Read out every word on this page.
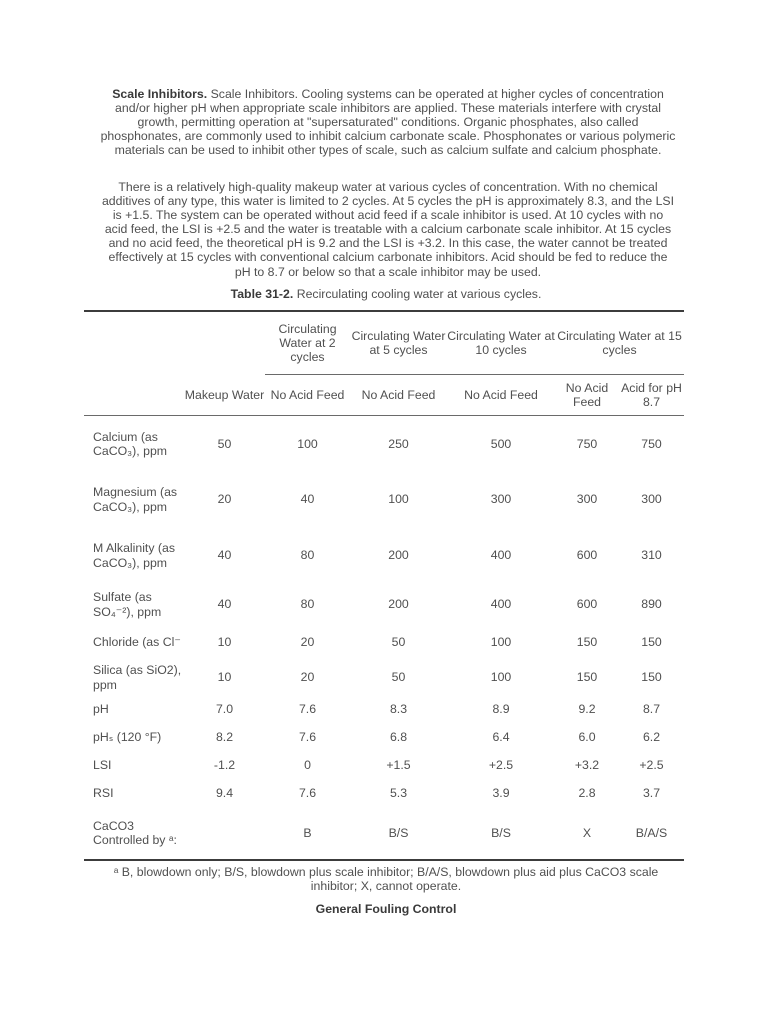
Scale Inhibitors. Scale Inhibitors. Cooling systems can be operated at higher cycles of concentration and/or higher pH when appropriate scale inhibitors are applied. These materials interfere with crystal growth, permitting operation at "supersaturated" conditions. Organic phosphates, also called phosphonates, are commonly used to inhibit calcium carbonate scale. Phosphonates or various polymeric materials can be used to inhibit other types of scale, such as calcium sulfate and calcium phosphate.

There is a relatively high-quality makeup water at various cycles of concentration. With no chemical additives of any type, this water is limited to 2 cycles. At 5 cycles the pH is approximately 8.3, and the LSI is +1.5. The system can be operated without acid feed if a scale inhibitor is used. At 10 cycles with no acid feed, the LSI is +2.5 and the water is treatable with a calcium carbonate scale inhibitor. At 15 cycles and no acid feed, the theoretical pH is 9.2 and the LSI is +3.2. In this case, the water cannot be treated effectively at 15 cycles with conventional calcium carbonate inhibitors. Acid should be fed to reduce the pH to 8.7 or below so that a scale inhibitor may be used.

Table 31-2. Recirculating cooling water at various cycles.

		Circulating Water at 2 cycles	Circulating Water at 5 cycles	Circulating Water at 10 cycles	Circulating Water at 15 cycles	
	Makeup Water	No Acid Feed	No Acid Feed	No Acid Feed	No Acid Feed	Acid for pH 8.7
Calcium (as CaCO₃), ppm	50	100	250	500	750	750
Magnesium (as CaCO₃), ppm	20	40	100	300	300	300
M Alkalinity (as CaCO₃), ppm	40	80	200	400	600	310
Sulfate (as SO₄⁻²), ppm	40	80	200	400	600	890
Chloride (as Cl⁻	10	20	50	100	150	150
Silica (as SiO2), ppm	10	20	50	100	150	150
pH	7.0	7.6	8.3	8.9	9.2	8.7
pHₛ (120 °F)	8.2	7.6	6.8	6.4	6.0	6.2
LSI	-1.2	0	+1.5	+2.5	+3.2	+2.5
RSI	9.4	7.6	5.3	3.9	2.8	3.7
CaCO3 Controlled by ᵃ:		B	B/S	B/S	X	B/A/S

ᵃ B, blowdown only; B/S, blowdown plus scale inhibitor; B/A/S, blowdown plus aid plus CaCO3 scale inhibitor; X, cannot operate.

General Fouling Control
